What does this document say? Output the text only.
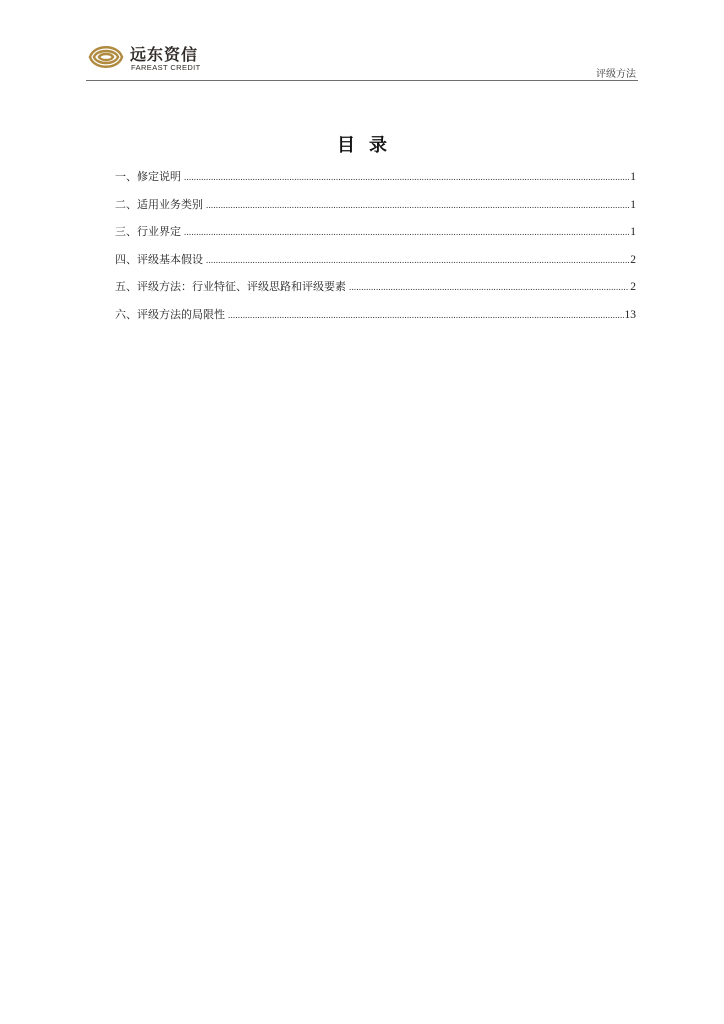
远东资信
FAREAST CREDIT
评级方法
目录
一、修定说明 .....	1
二、适用业务类别 .....	1
三、行业界定 .....	1
四、评级基本假设 .....	2
五、评级方法：行业特征、评级思路和评级要素 .....	2
六、评级方法的局限性 .....	13
